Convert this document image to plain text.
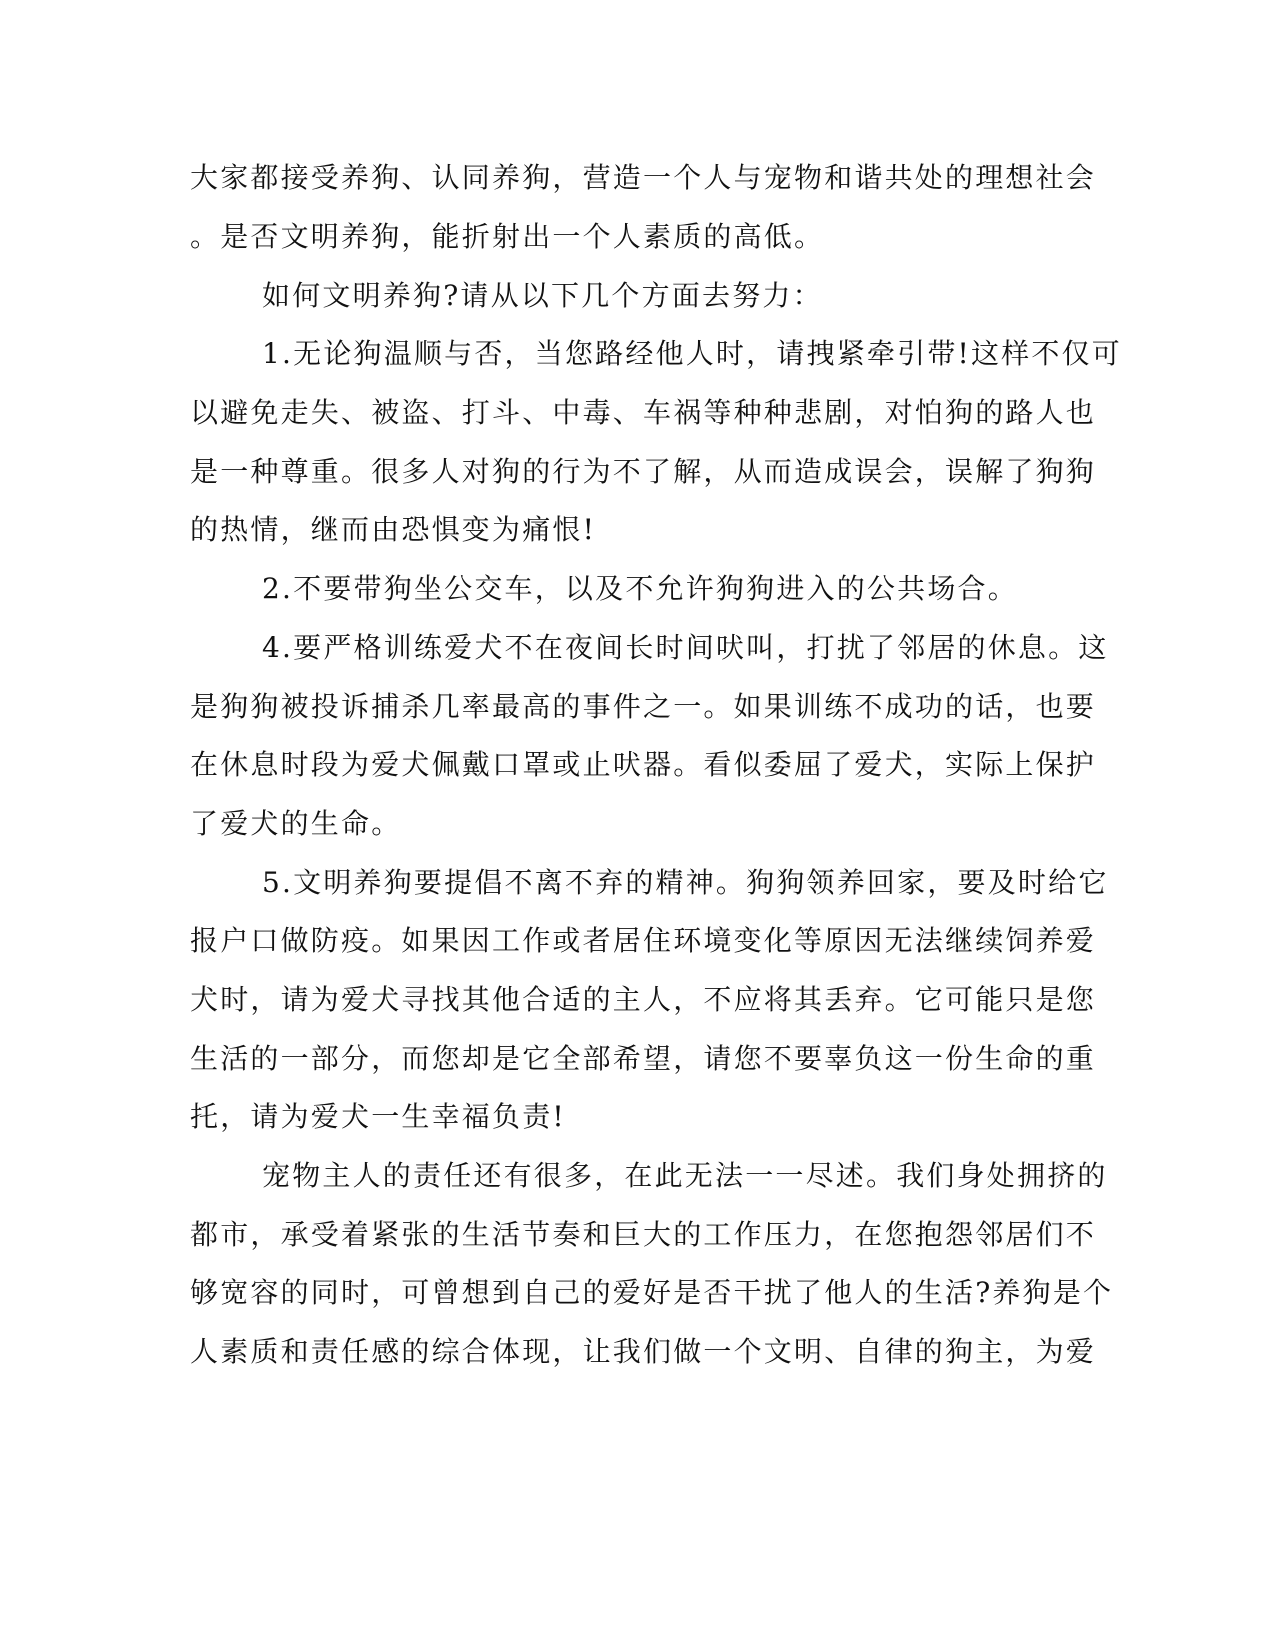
大家都接受养狗、认同养狗，营造一个人与宠物和谐共处的理想社会
。是否文明养狗，能折射出一个人素质的高低。
如何文明养狗?请从以下几个方面去努力：
1.无论狗温顺与否，当您路经他人时，请拽紧牵引带!这样不仅可
以避免走失、被盗、打斗、中毒、车祸等种种悲剧，对怕狗的路人也
是一种尊重。很多人对狗的行为不了解，从而造成误会，误解了狗狗
的热情，继而由恐惧变为痛恨!
2.不要带狗坐公交车，以及不允许狗狗进入的公共场合。
4.要严格训练爱犬不在夜间长时间吠叫，打扰了邻居的休息。这
是狗狗被投诉捕杀几率最高的事件之一。如果训练不成功的话，也要
在休息时段为爱犬佩戴口罩或止吠器。看似委屈了爱犬，实际上保护
了爱犬的生命。
5.文明养狗要提倡不离不弃的精神。狗狗领养回家，要及时给它
报户口做防疫。如果因工作或者居住环境变化等原因无法继续饲养爱
犬时，请为爱犬寻找其他合适的主人，不应将其丢弃。它可能只是您
生活的一部分，而您却是它全部希望，请您不要辜负这一份生命的重
托，请为爱犬一生幸福负责!
宠物主人的责任还有很多，在此无法一一尽述。我们身处拥挤的
都市，承受着紧张的生活节奏和巨大的工作压力，在您抱怨邻居们不
够宽容的同时，可曾想到自己的爱好是否干扰了他人的生活?养狗是个
人素质和责任感的综合体现，让我们做一个文明、自律的狗主，为爱
